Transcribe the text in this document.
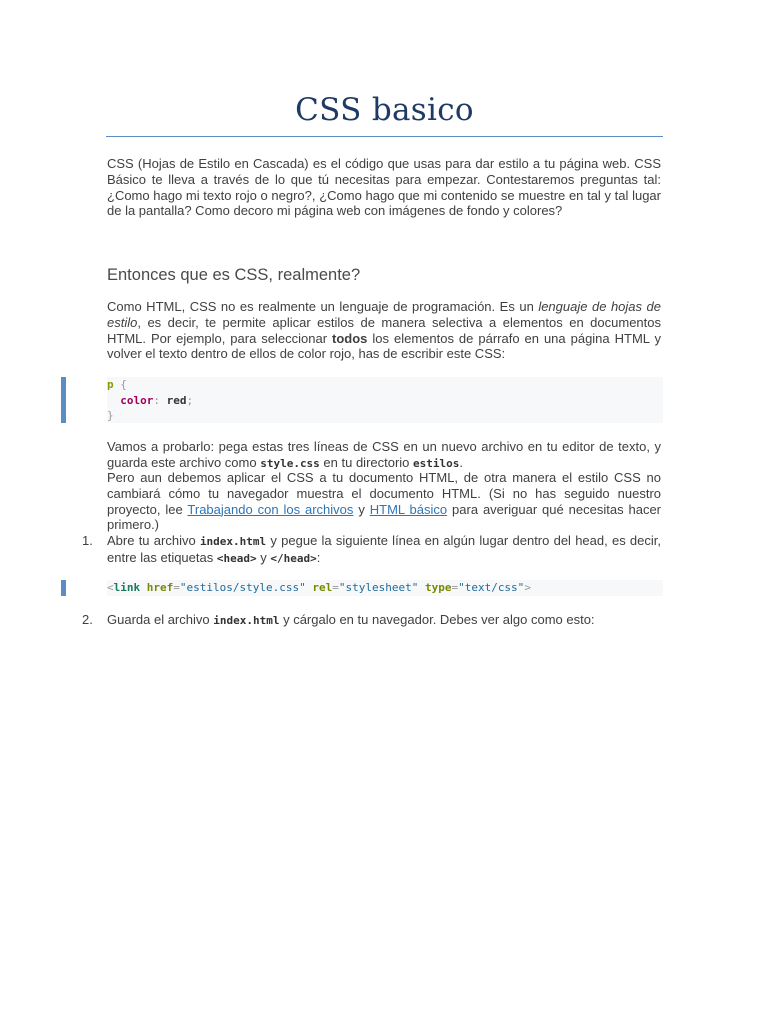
CSS basico

CSS (Hojas de Estilo en Cascada) es el código que usas para dar estilo a tu página web. CSS Básico te lleva a través de lo que tú necesitas para empezar. Contestaremos preguntas tal: ¿Como hago mi texto rojo o negro?, ¿Como hago que mi contenido se muestre en tal y tal lugar de la pantalla? Como decoro mi página web con imágenes de fondo y colores?

Entonces que es CSS, realmente?

Como HTML, CSS no es realmente un lenguaje de programación. Es un lenguaje de hojas de estilo, es decir, te permite aplicar estilos de manera selectiva a elementos en documentos HTML. Por ejemplo, para seleccionar todos los elementos de párrafo en una página HTML y volver el texto dentro de ellos de color rojo, has de escribir este CSS:

p {
color: red;
}

Vamos a probarlo: pega estas tres líneas de CSS en un nuevo archivo en tu editor de texto, y guarda este archivo como style.css en tu directorio estilos.

Pero aun debemos aplicar el CSS a tu documento HTML, de otra manera el estilo CSS no cambiará cómo tu navegador muestra el documento HTML. (Si no has seguido nuestro proyecto, lee Trabajando con los archivos y HTML básico para averiguar qué necesitas hacer primero.)

1. Abre tu archivo index.html y pegue la siguiente línea en algún lugar dentro del head, es decir, entre las etiquetas <head> y </head>:

<link href="estilos/style.css" rel="stylesheet" type="text/css">
2. Guarda el archivo index.html y cárgalo en tu navegador. Debes ver algo como esto:
